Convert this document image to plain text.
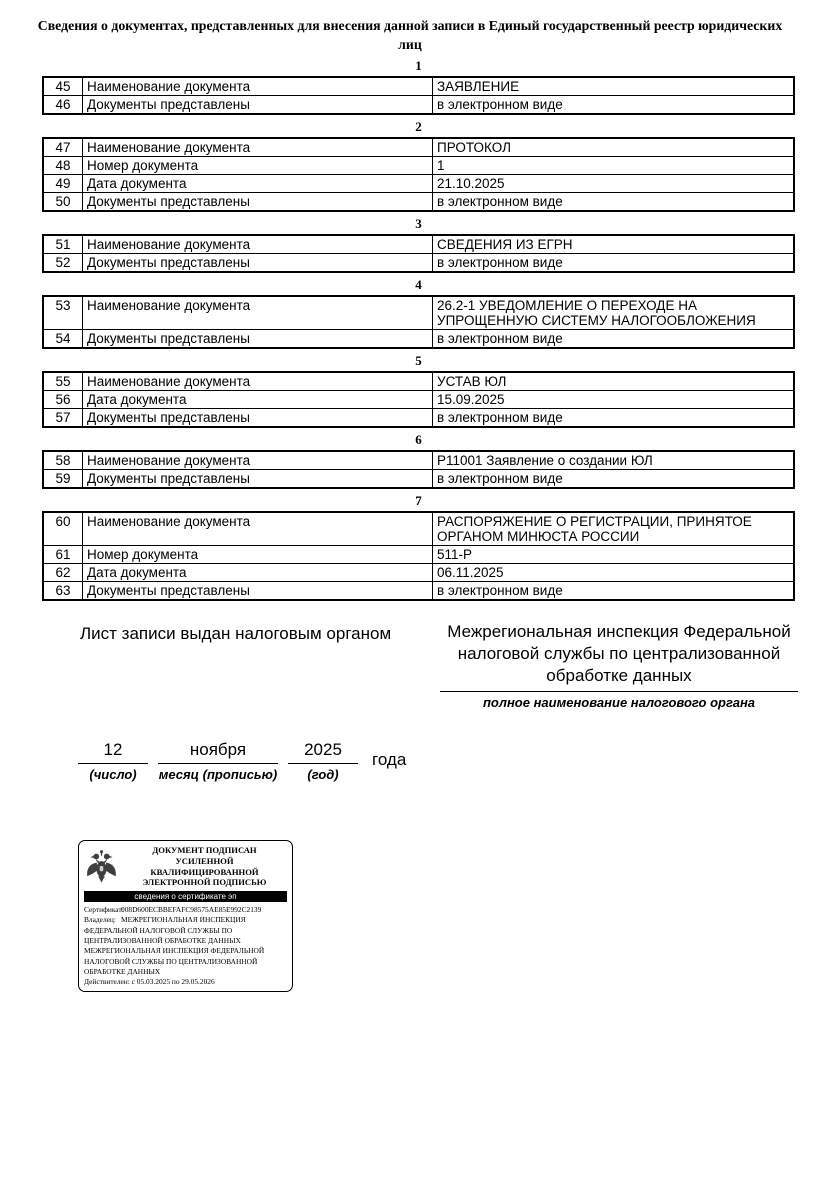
Сведения о документах, представленных для внесения данной записи в Единый государственный реестр юридических лиц
1
45	Наименование документа	ЗАЯВЛЕНИЕ
46	Документы представлены	в электронном виде
2
47	Наименование документа	ПРОТОКОЛ
48	Номер документа	1
49	Дата документа	21.10.2025
50	Документы представлены	в электронном виде
3
51	Наименование документа	СВЕДЕНИЯ ИЗ ЕГРН
52	Документы представлены	в электронном виде
4
53	Наименование документа	26.2-1 УВЕДОМЛЕНИЕ О ПЕРЕХОДЕ НА УПРОЩЕННУЮ СИСТЕМУ НАЛОГООБЛОЖЕНИЯ
54	Документы представлены	в электронном виде
5
55	Наименование документа	УСТАВ ЮЛ
56	Дата документа	15.09.2025
57	Документы представлены	в электронном виде
6
58	Наименование документа	Р11001 Заявление о создании ЮЛ
59	Документы представлены	в электронном виде
7
60	Наименование документа	РАСПОРЯЖЕНИЕ О РЕГИСТРАЦИИ, ПРИНЯТОЕ ОРГАНОМ МИНЮСТА РОССИИ
61	Номер документа	511-Р
62	Дата документа	06.11.2025
63	Документы представлены	в электронном виде
Лист записи выдан налоговым органом	Межрегиональная инспекция Федеральной налоговой службы по централизованной обработке данных
полное наименование налогового органа
12
(число)
ноября
месяц (прописью)
2025
(год)
года
ДОКУМЕНТ ПОДПИСАН
УСИЛЕННОЙ КВАЛИФИЦИРОВАННОЙ
ЭЛЕКТРОННОЙ ПОДПИСЬЮ
сведения о сертификате эп
Сертификат:008D600ECBBEFAFC98575AE85E992C2139
Владелец: МЕЖРЕГИОНАЛЬНАЯ ИНСПЕКЦИЯ ФЕДЕРАЛЬНОЙ НАЛОГОВОЙ СЛУЖБЫ ПО ЦЕНТРАЛИЗОВАННОЙ ОБРАБОТКЕ ДАННЫХ МЕЖРЕГИОНАЛЬНАЯ ИНСПЕКЦИЯ ФЕДЕРАЛЬНОЙ НАЛОГОВОЙ СЛУЖБЫ ПО ЦЕНТРАЛИЗОВАННОЙ ОБРАБОТКЕ ДАННЫХ
Действителен: с 05.03.2025 по 29.05.2026
